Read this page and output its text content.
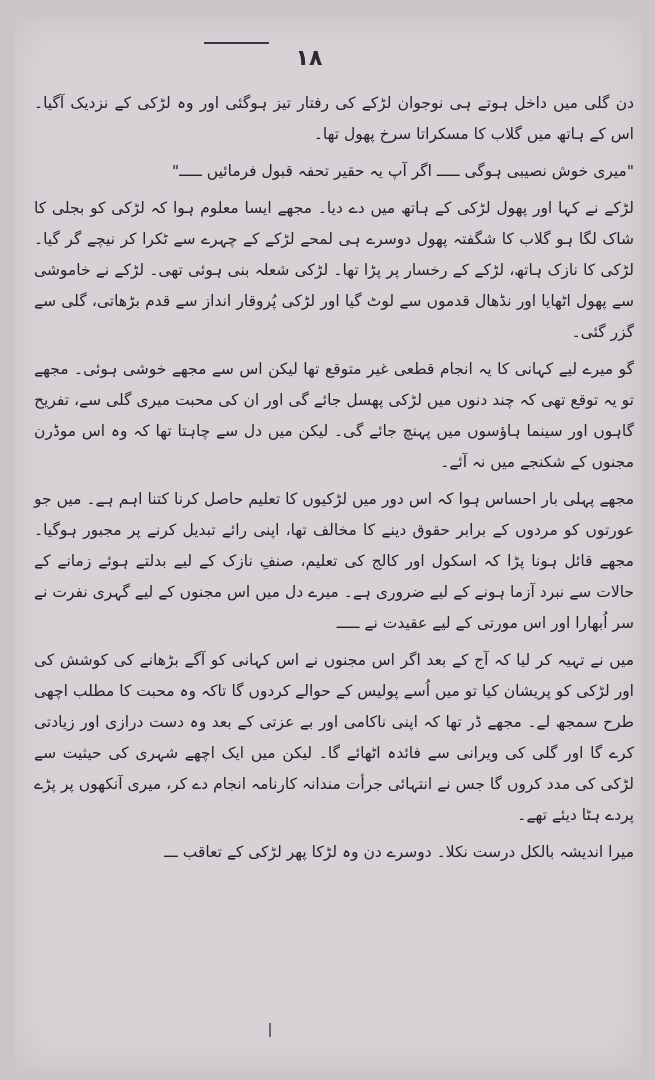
۱۸

دن گلی میں داخل ہوتے ہی نوجوان لڑکے کی رفتار تیز ہوگئی اور وہ لڑکی کے نزدیک آگیا۔ اس کے ہاتھ میں گلاب کا مسکراتا سرخ پھول تھا۔

"میری خوش نصیبی ہوگی ـــــ اگر آپ یہ حقیر تحفہ قبول فرمائیں ـــــ"

لڑکے نے کہا اور پھول لڑکی کے ہاتھ میں دے دیا۔ مجھے ایسا معلوم ہوا کہ لڑکی کو بجلی کا شاک لگا ہو گلاب کا شگفتہ پھول دوسرے ہی لمحے لڑکے کے چہرے سے ٹکرا کر نیچے گر گیا۔ لڑکی کا نازک ہاتھ، لڑکے کے رخسار پر پڑا تھا۔ لڑکی شعلہ بنی ہوئی تھی۔ لڑکے نے خاموشی سے پھول اٹھایا اور نڈھال قدموں سے لوٹ گیا اور لڑکی پُروقار انداز سے قدم بڑھاتی، گلی سے گزر گئی۔

گو میرے لیے کہانی کا یہ انجام قطعی غیر متوقع تھا لیکن اس سے مجھے خوشی ہوئی۔ مجھے تو یہ توقع تھی کہ چند دنوں میں لڑکی پھسل جائے گی اور ان کی محبت میری گلی سے، تفریح گاہوں اور سینما ہاؤسوں میں پہنچ جائے گی۔ لیکن میں دل سے چاہتا تھا کہ وہ اس موڈرن مجنوں کے شکنجے میں نہ آئے۔

مجھے پہلی بار احساس ہوا کہ اس دور میں لڑکیوں کا تعلیم حاصل کرنا کتنا اہم ہے۔ میں جو عورتوں کو مردوں کے برابر حقوق دینے کا مخالف تھا، اپنی رائے تبدیل کرنے پر مجبور ہوگیا۔ مجھے قائل ہونا پڑا کہ اسکول اور کالج کی تعلیم، صنفِ نازک کے لیے بدلتے ہوئے زمانے کے حالات سے نبرد آزما ہونے کے لیے ضروری ہے۔ میرے دل میں اس مجنوں کے لیے گہری نفرت نے سر اُبھارا اور اس مورتی کے لیے عقیدت نے ـــــ

میں نے تہیہ کر لیا کہ آج کے بعد اگر اس مجنوں نے اس کہانی کو آگے بڑھانے کی کوشش کی اور لڑکی کو پریشان کیا تو میں اُسے پولیس کے حوالے کردوں گا تاکہ وہ محبت کا مطلب اچھی طرح سمجھ لے۔ مجھے ڈر تھا کہ اپنی ناکامی اور بے عزتی کے بعد وہ دست درازی اور زیادتی کرے گا اور گلی کی ویرانی سے فائدہ اٹھائے گا۔ لیکن میں ایک اچھے شہری کی حیثیت سے لڑکی کی مدد کروں گا جس نے انتہائی جرأت مندانہ کارنامہ انجام دے کر، میری آنکھوں پر پڑے پردے ہٹا دیئے تھے۔

میرا اندیشہ بالکل درست نکلا۔ دوسرے دن وہ لڑکا پھر لڑکی کے تعاقب ـــ
